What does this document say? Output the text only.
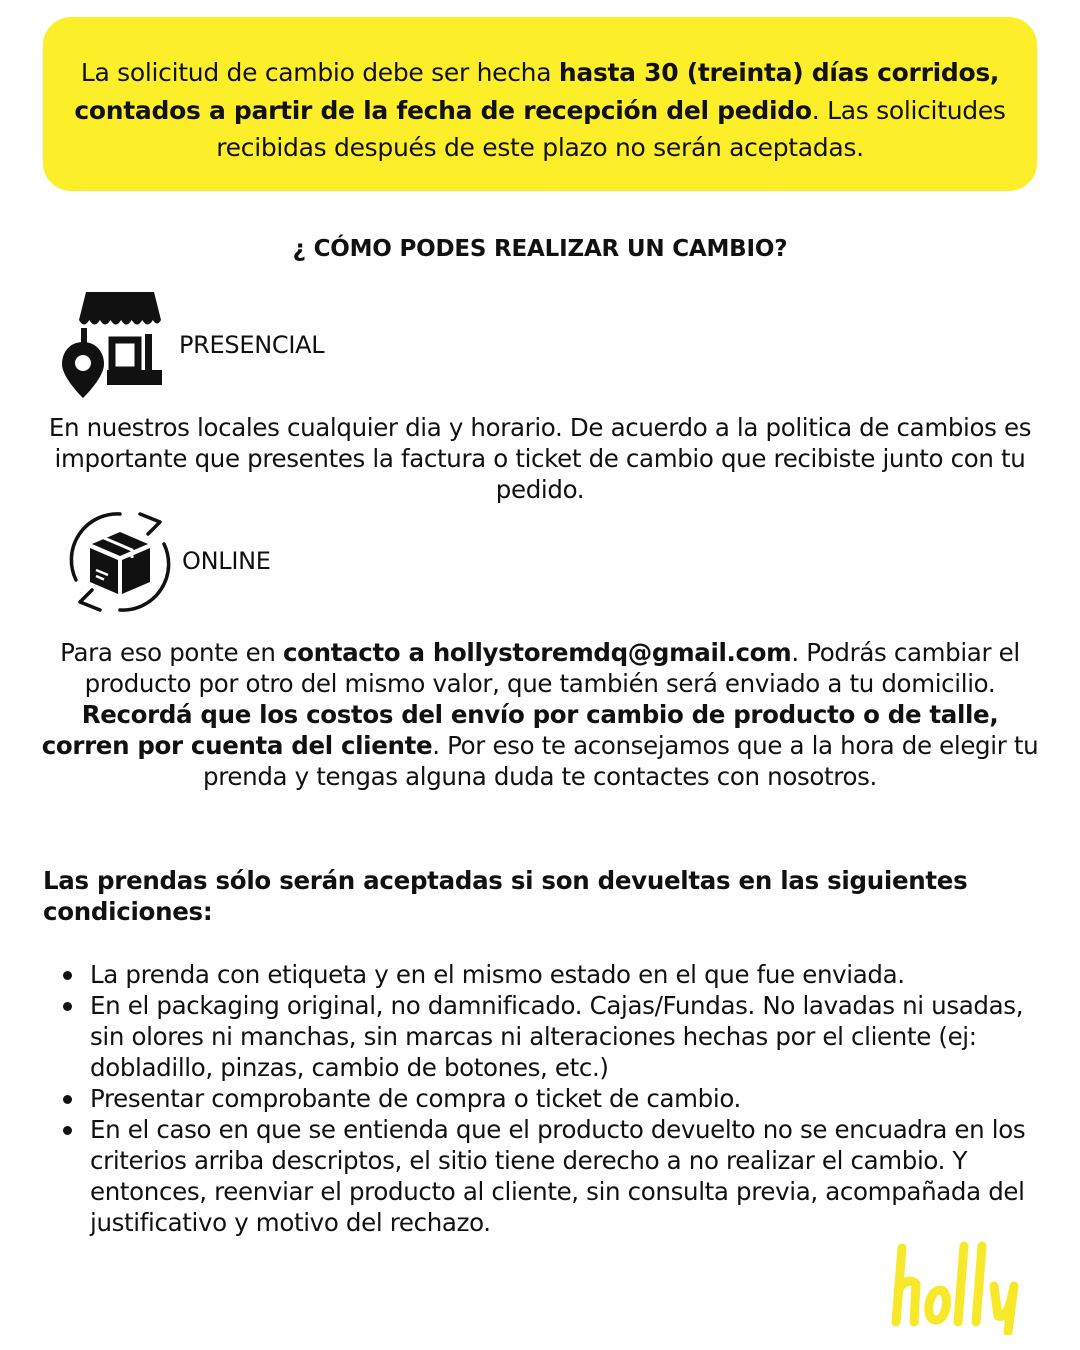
La solicitud de cambio debe ser hecha hasta 30 (treinta) días corridos, contados a partir de la fecha de recepción del pedido. Las solicitudes recibidas después de este plazo no serán aceptadas.
¿ CÓMO PODES REALIZAR UN CAMBIO?
PRESENCIAL
En nuestros locales cualquier dia y horario. De acuerdo a la politica de cambios es importante que presentes la factura o ticket de cambio que recibiste junto con tu pedido.
ONLINE
Para eso ponte en contacto a hollystoremdq@gmail.com. Podrás cambiar el producto por otro del mismo valor, que también será enviado a tu domicilio.
Recordá que los costos del envío por cambio de producto o de talle, corren por cuenta del cliente. Por eso te aconsejamos que a la hora de elegir tu prenda y tengas alguna duda te contactes con nosotros.
Las prendas sólo serán aceptadas si son devueltas en las siguientes condiciones:
La prenda con etiqueta y en el mismo estado en el que fue enviada.
En el packaging original, no damnificado. Cajas/Fundas. No lavadas ni usadas, sin olores ni manchas, sin marcas ni alteraciones hechas por el cliente (ej: dobladillo, pinzas, cambio de botones, etc.)
Presentar comprobante de compra o ticket de cambio.
En el caso en que se entienda que el producto devuelto no se encuadra en los criterios arriba descriptos, el sitio tiene derecho a no realizar el cambio. Y entonces, reenviar el producto al cliente, sin consulta previa, acompañada del justificativo y motivo del rechazo.
